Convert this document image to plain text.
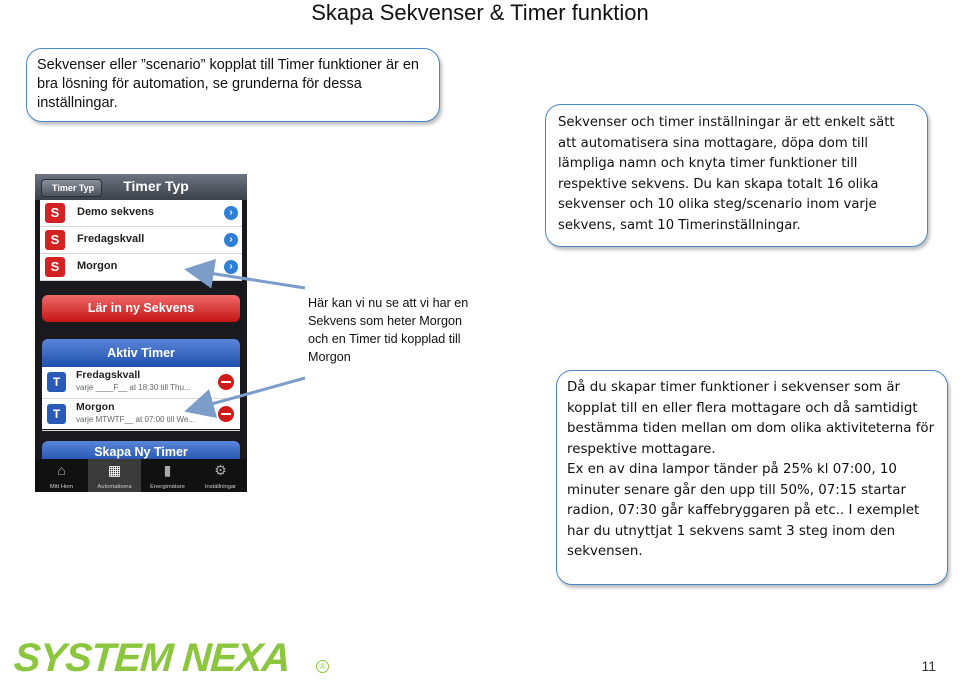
Skapa Sekvenser & Timer funktion

Sekvenser eller ”scenario” kopplat till Timer funktioner är en bra lösning för automation, se grunderna för dessa inställningar.

Sekvenser och timer inställningar är ett enkelt sätt att automatisera sina mottagare, döpa dom till lämpliga namn och knyta timer funktioner till respektive sekvens. Du kan skapa totalt 16 olika sekvenser och 10 olika steg/scenario inom varje sekvens, samt 10 Timerinställningar.

Här kan vi nu se att vi har en Sekvens som heter Morgon och en Timer tid kopplad till Morgon

Då du skapar timer funktioner i sekvenser som är kopplat till en eller flera mottagare och då samtidigt bestämma tiden mellan om dom olika aktiviteterna för respektive mottagare.

Ex en av dina lampor tänder på 25% kl 07:00, 10 minuter senare går den upp till 50%, 07:15 startar radion, 07:30 går kaffebryggaren på etc.. I exemplet har du utnyttjat 1 sekvens samt 3 steg inom den sekvensen.

Timer Typ	Timer Typ
S	Demo sekvens	›
S	Fredagskvall	›
S	Morgon	›
Lär in ny Sekvens
Aktiv Timer
T	Fredagskvall
varje ____F__ at 18:30 till Thu...
T	Morgon
varje MTWTF__ at 07:00 till We...
Skapa Ny Timer
⌂
Mitt Hem
▦
Automatisera
▮
Energimätare
⚙
Inställningar
SYSTEM NEXA	®	11
